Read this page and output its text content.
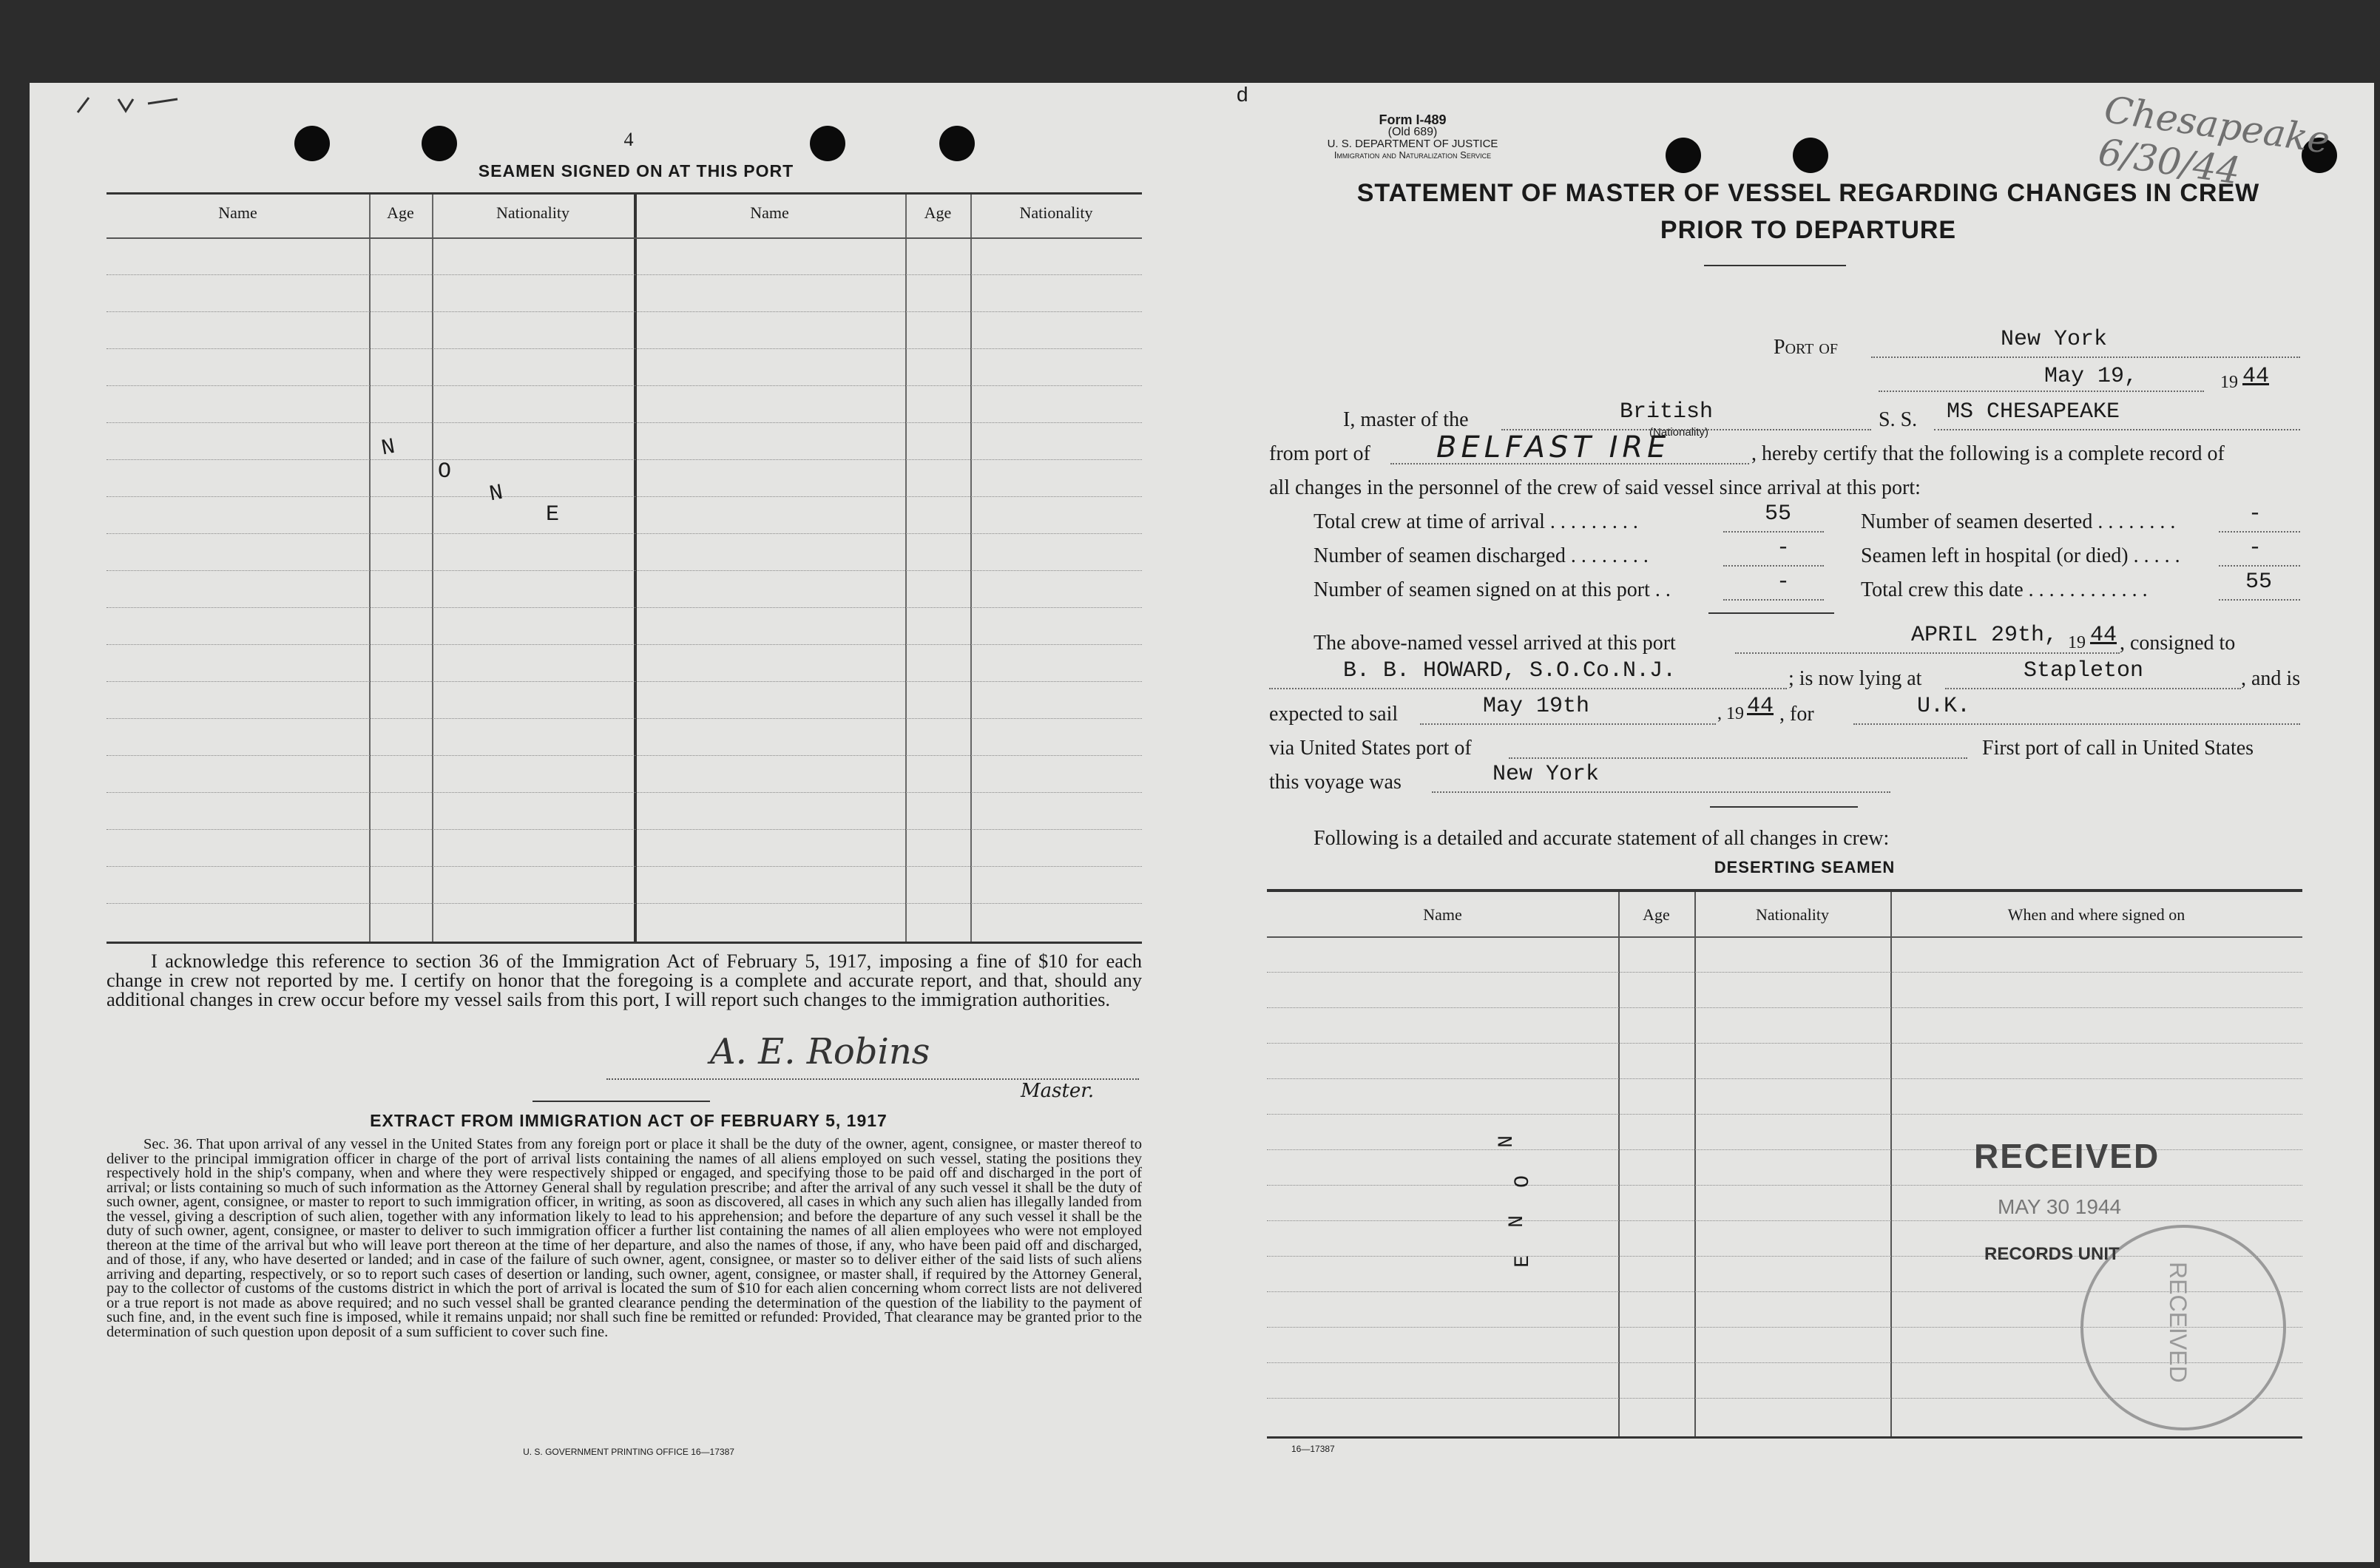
d	Chesapeake 6/30/44
4
SEAMEN SIGNED ON AT THIS PORT
Name	Age	Nationality	Name	Age	Nationality
N
O
N
E
I acknowledge this reference to section 36 of the Immigration Act of February 5, 1917, imposing a fine of $10 for each change in crew not reported by me. I certify on honor that the foregoing is a complete and accurate report, and that, should any additional changes in crew occur before my vessel sails from this port, I will report such changes to the immigration authorities.
A. E. Robins
Master.
EXTRACT FROM IMMIGRATION ACT OF FEBRUARY 5, 1917
Sec. 36. That upon arrival of any vessel in the United States from any foreign port or place it shall be the duty of the owner, agent, consignee, or master thereof to deliver to the principal immigration officer in charge of the port of arrival lists containing the names of all aliens employed on such vessel, stating the positions they respectively hold in the ship's company, when and where they were respectively shipped or engaged, and specifying those to be paid off and discharged in the port of arrival; or lists containing so much of such information as the Attorney General shall by regulation prescribe; and after the arrival of any such vessel it shall be the duty of such owner, agent, consignee, or master to report to such immigration officer, in writing, as soon as discovered, all cases in which any such alien has illegally landed from the vessel, giving a description of such alien, together with any information likely to lead to his apprehension; and before the departure of any such vessel it shall be the duty of such owner, agent, consignee, or master to deliver to such immigration officer a further list containing the names of all alien employees who were not employed thereon at the time of the arrival but who will leave port thereon at the time of her departure, and also the names of those, if any, who have been paid off and discharged, and of those, if any, who have deserted or landed; and in case of the failure of such owner, agent, consignee, or master so to deliver either of the said lists of such aliens arriving and departing, respectively, or so to report such cases of desertion or landing, such owner, agent, consignee, or master shall, if required by the Attorney General, pay to the collector of customs of the customs district in which the port of arrival is located the sum of $10 for each alien concerning whom correct lists are not delivered or a true report is not made as above required; and no such vessel shall be granted clearance pending the determination of the question of the liability to the payment of such fine, and, in the event such fine is imposed, while it remains unpaid; nor shall such fine be remitted or refunded: Provided, That clearance may be granted prior to the determination of such question upon deposit of a sum sufficient to cover such fine.
U. S. GOVERNMENT PRINTING OFFICE 16—17387
Form I-489
(Old 689)
U. S. DEPARTMENT OF JUSTICE
Immigration and Naturalization Service
STATEMENT OF MASTER OF VESSEL REGARDING CHANGES IN CREW
PRIOR TO DEPARTURE
Port of	New York
May 19,	19 44
I, master of the	British
(Nationality)
S. S. MS CHESAPEAKE
from port of BELFAST IRE	, hereby certify that the following is a complete record of
all changes in the personnel of the crew of said vessel since arrival at this port:
Total crew at time of arrival . . . . . . . . .	55
Number of seamen discharged . . . . . . . .	-
Number of seamen signed on at this port . .	-
Number of seamen deserted . . . . . . . .	-
Seamen left in hospital (or died) . . . . .	-
Total crew this date . . . . . . . . . . . .	55
The above-named vessel arrived at this port	APRIL 29th, 19 44 , consigned to
B. B. HOWARD, S.O.Co.N.J.	; is now lying at	Stapleton	, and is
expected to sail	May 19th	, 19 44 , for	U.K.
via United States port of	First port of call in United States
this voyage was	New York
Following is a detailed and accurate statement of all changes in crew:
DESERTING SEAMEN
Name	Age	Nationality	When and where signed on
N
O
N
E
RECEIVED
MAY 30 1944
RECORDS UNIT
RECEIVED
16—17387
